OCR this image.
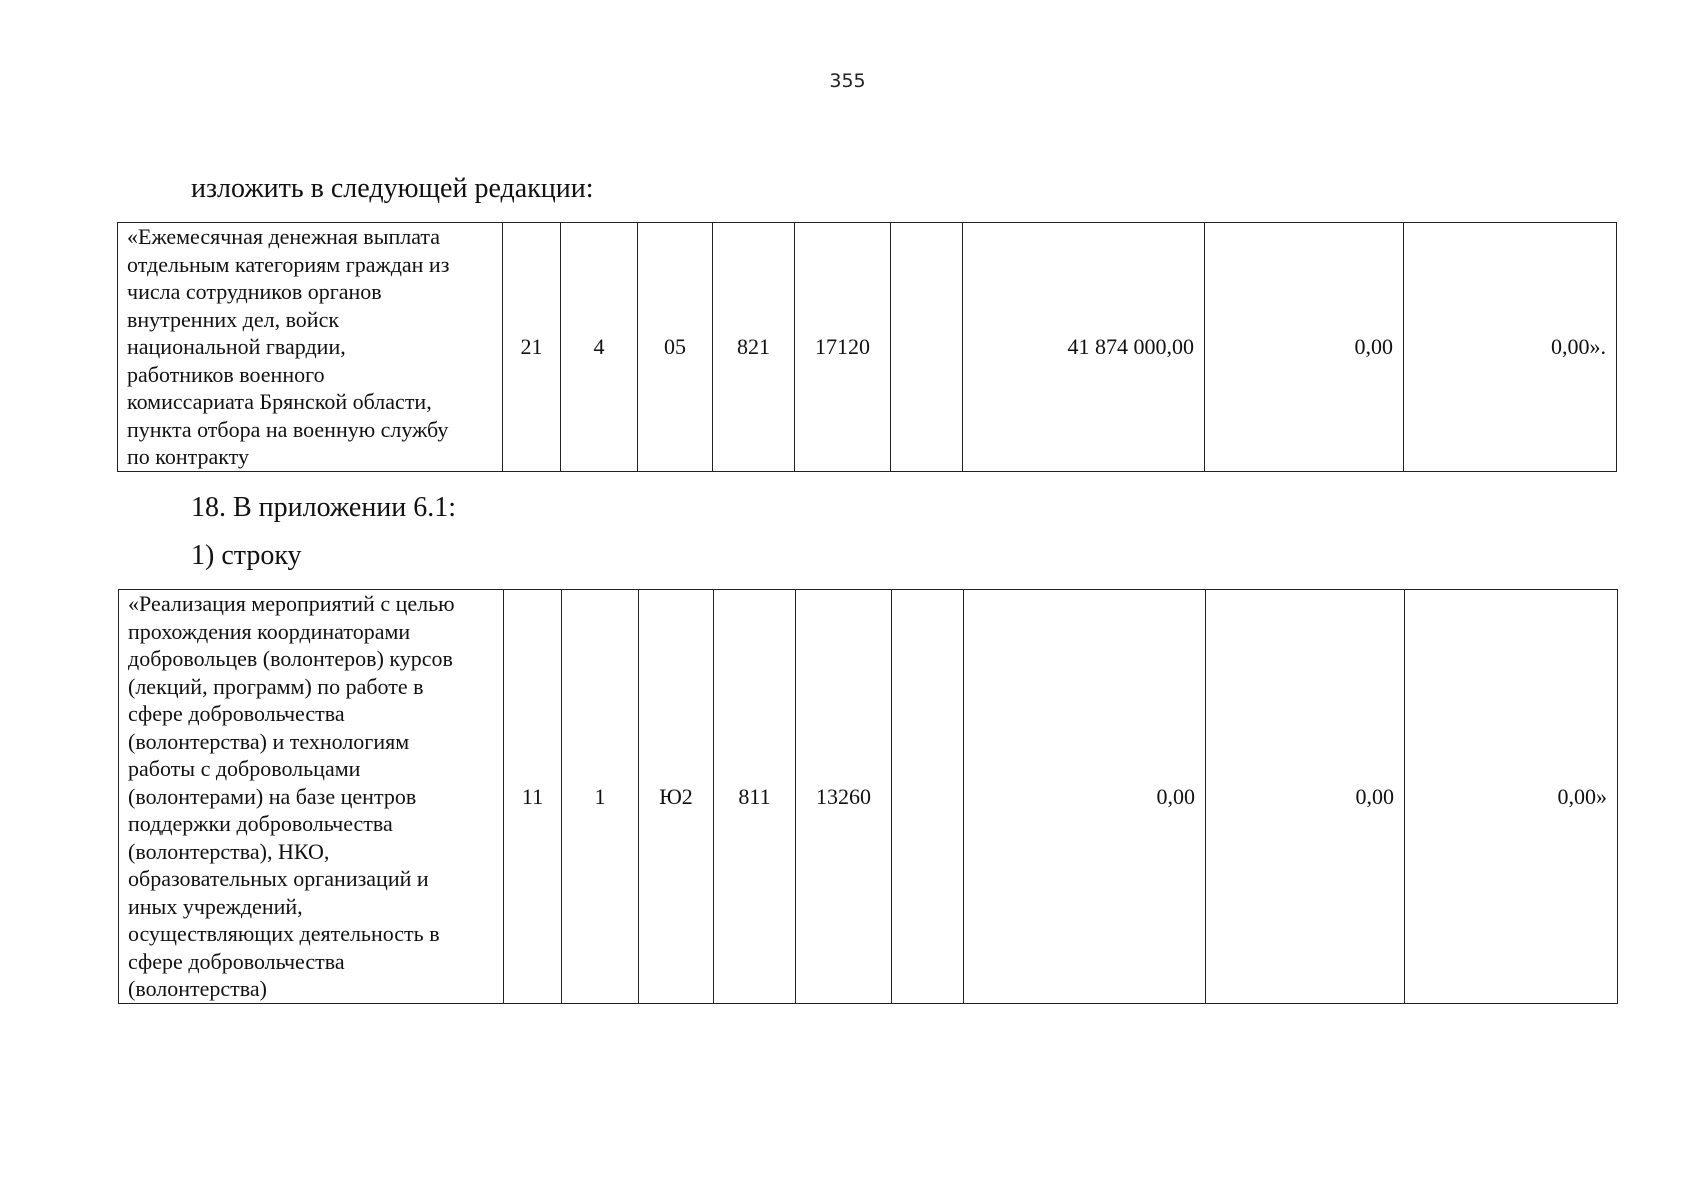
355
изложить в следующей редакции:
«Ежемесячная денежная выплата
отдельным категориям граждан из
числа сотрудников органов
внутренних дел, войск
национальной гвардии,
работников военного
комиссариата Брянской области,
пункта отбора на военную службу
по контракту	21	4	05	821	17120		41 874 000,00	0,00	0,00».
18. В приложении 6.1:
1) строку
«Реализация мероприятий с целью
прохождения координаторами
добровольцев (волонтеров) курсов
(лекций, программ) по работе в
сфере добровольчества
(волонтерства) и технологиям
работы с добровольцами
(волонтерами) на базе центров
поддержки добровольчества
(волонтерства), НКО,
образовательных организаций и
иных учреждений,
осуществляющих деятельность в
сфере добровольчества
(волонтерства)	11	1	Ю2	811	13260		0,00	0,00	0,00»
